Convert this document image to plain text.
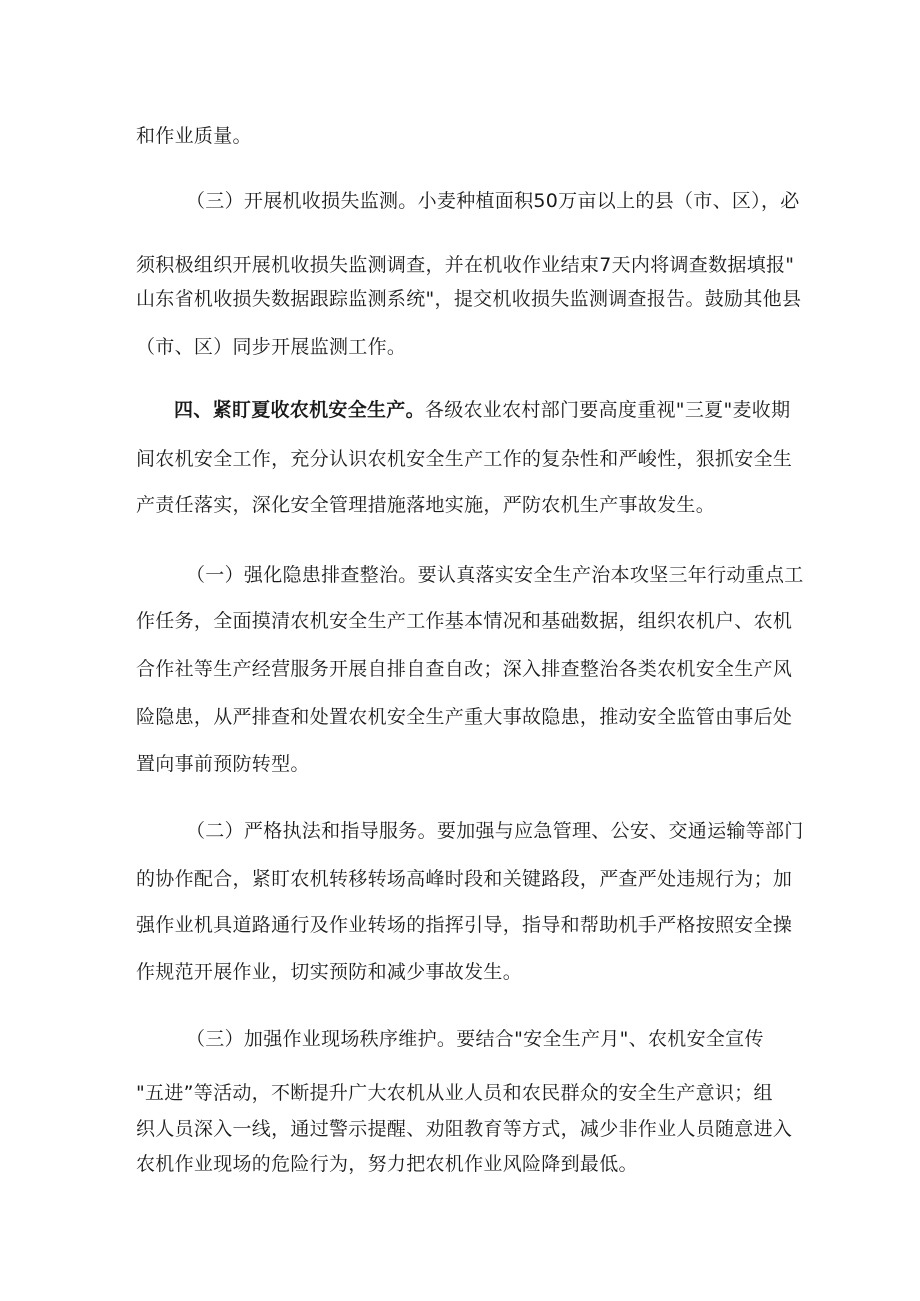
和作业质量。
（三）开展机收损失监测。小麦种植面积50万亩以上的县（市、区），必
须积极组织开展机收损失监测调查，并在机收作业结束7天内将调查数据填报"
山东省机收损失数据跟踪监测系统"，提交机收损失监测调查报告。鼓励其他县
（市、区）同步开展监测工作。
四、紧盯夏收农机安全生产。各级农业农村部门要高度重视"三夏"麦收期
间农机安全工作，充分认识农机安全生产工作的复杂性和严峻性，狠抓安全生
产责任落实，深化安全管理措施落地实施，严防农机生产事故发生。
（一）强化隐患排查整治。要认真落实安全生产治本攻坚三年行动重点工
作任务，全面摸清农机安全生产工作基本情况和基础数据，组织农机户、农机
合作社等生产经营服务开展自排自查自改；深入排查整治各类农机安全生产风
险隐患，从严排查和处置农机安全生产重大事故隐患，推动安全监管由事后处
置向事前预防转型。
（二）严格执法和指导服务。要加强与应急管理、公安、交通运输等部门
的协作配合，紧盯农机转移转场高峰时段和关键路段，严查严处违规行为；加
强作业机具道路通行及作业转场的指挥引导，指导和帮助机手严格按照安全操
作规范开展作业，切实预防和减少事故发生。
（三）加强作业现场秩序维护。要结合"安全生产月"、农机安全宣传
"五进”等活动，不断提升广大农机从业人员和农民群众的安全生产意识；组
织人员深入一线，通过警示提醒、劝阻教育等方式，减少非作业人员随意进入
农机作业现场的危险行为，努力把农机作业风险降到最低。
